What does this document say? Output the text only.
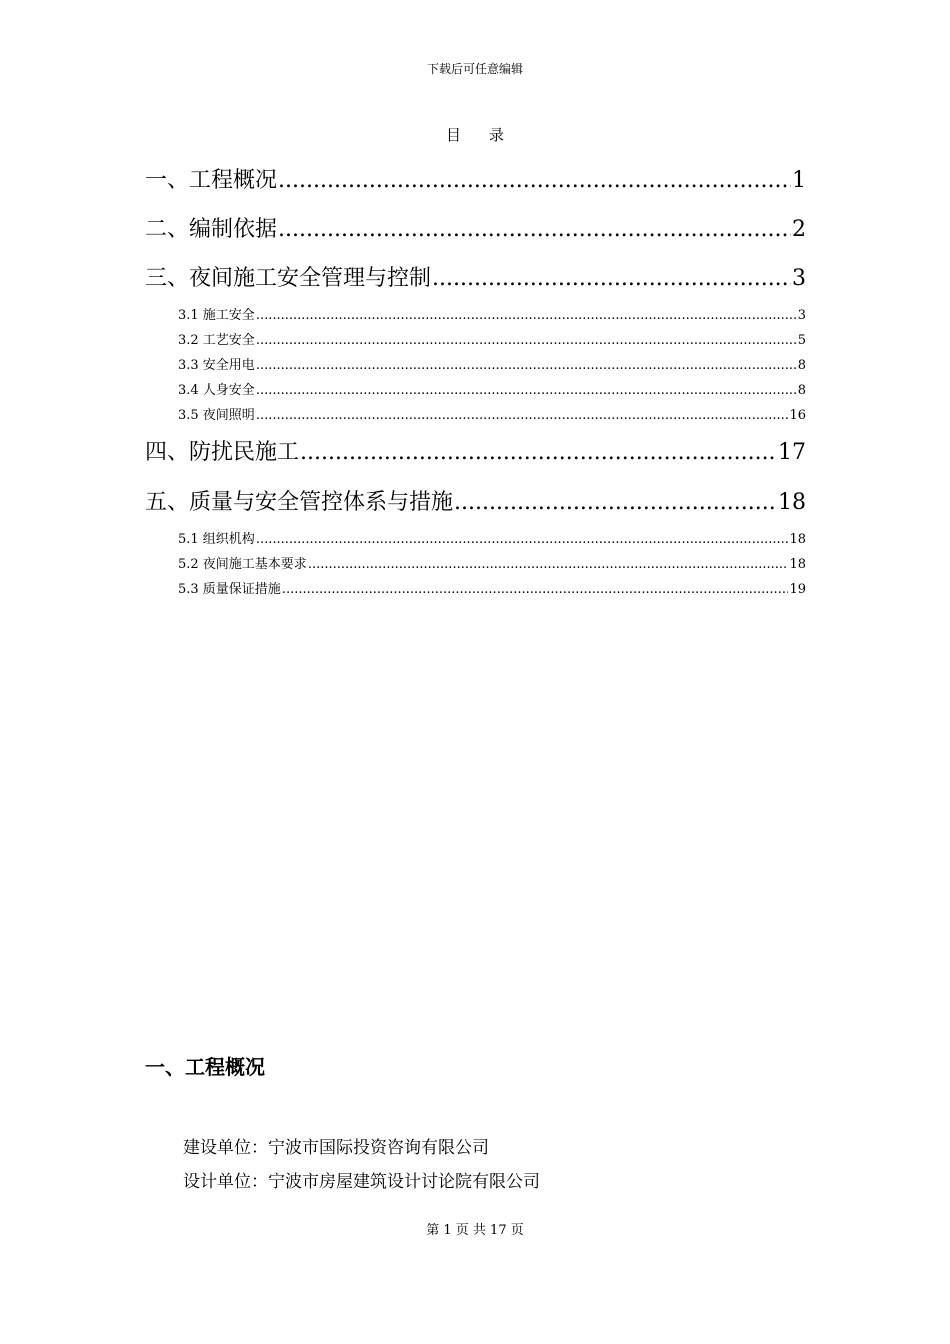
下载后可任意编辑
目录
一、工程概况 .....	1
二、编制依据 .....	2
三、夜间施工安全管理与控制 .....	3
3.1 施工安全 .....	3
3.2 工艺安全 .....	5
3.3 安全用电 .....	8
3.4 人身安全 .....	8
3.5 夜间照明 .....	16
四、防扰民施工 .....	17
五、质量与安全管控体系与措施 .....	18
5.1 组织机构 .....	18
5.2 夜间施工基本要求 .....	18
5.3 质量保证措施 .....	19
一、工程概况
建设单位：宁波市国际投资咨询有限公司
设计单位：宁波市房屋建筑设计讨论院有限公司
第 1 页 共 17 页
